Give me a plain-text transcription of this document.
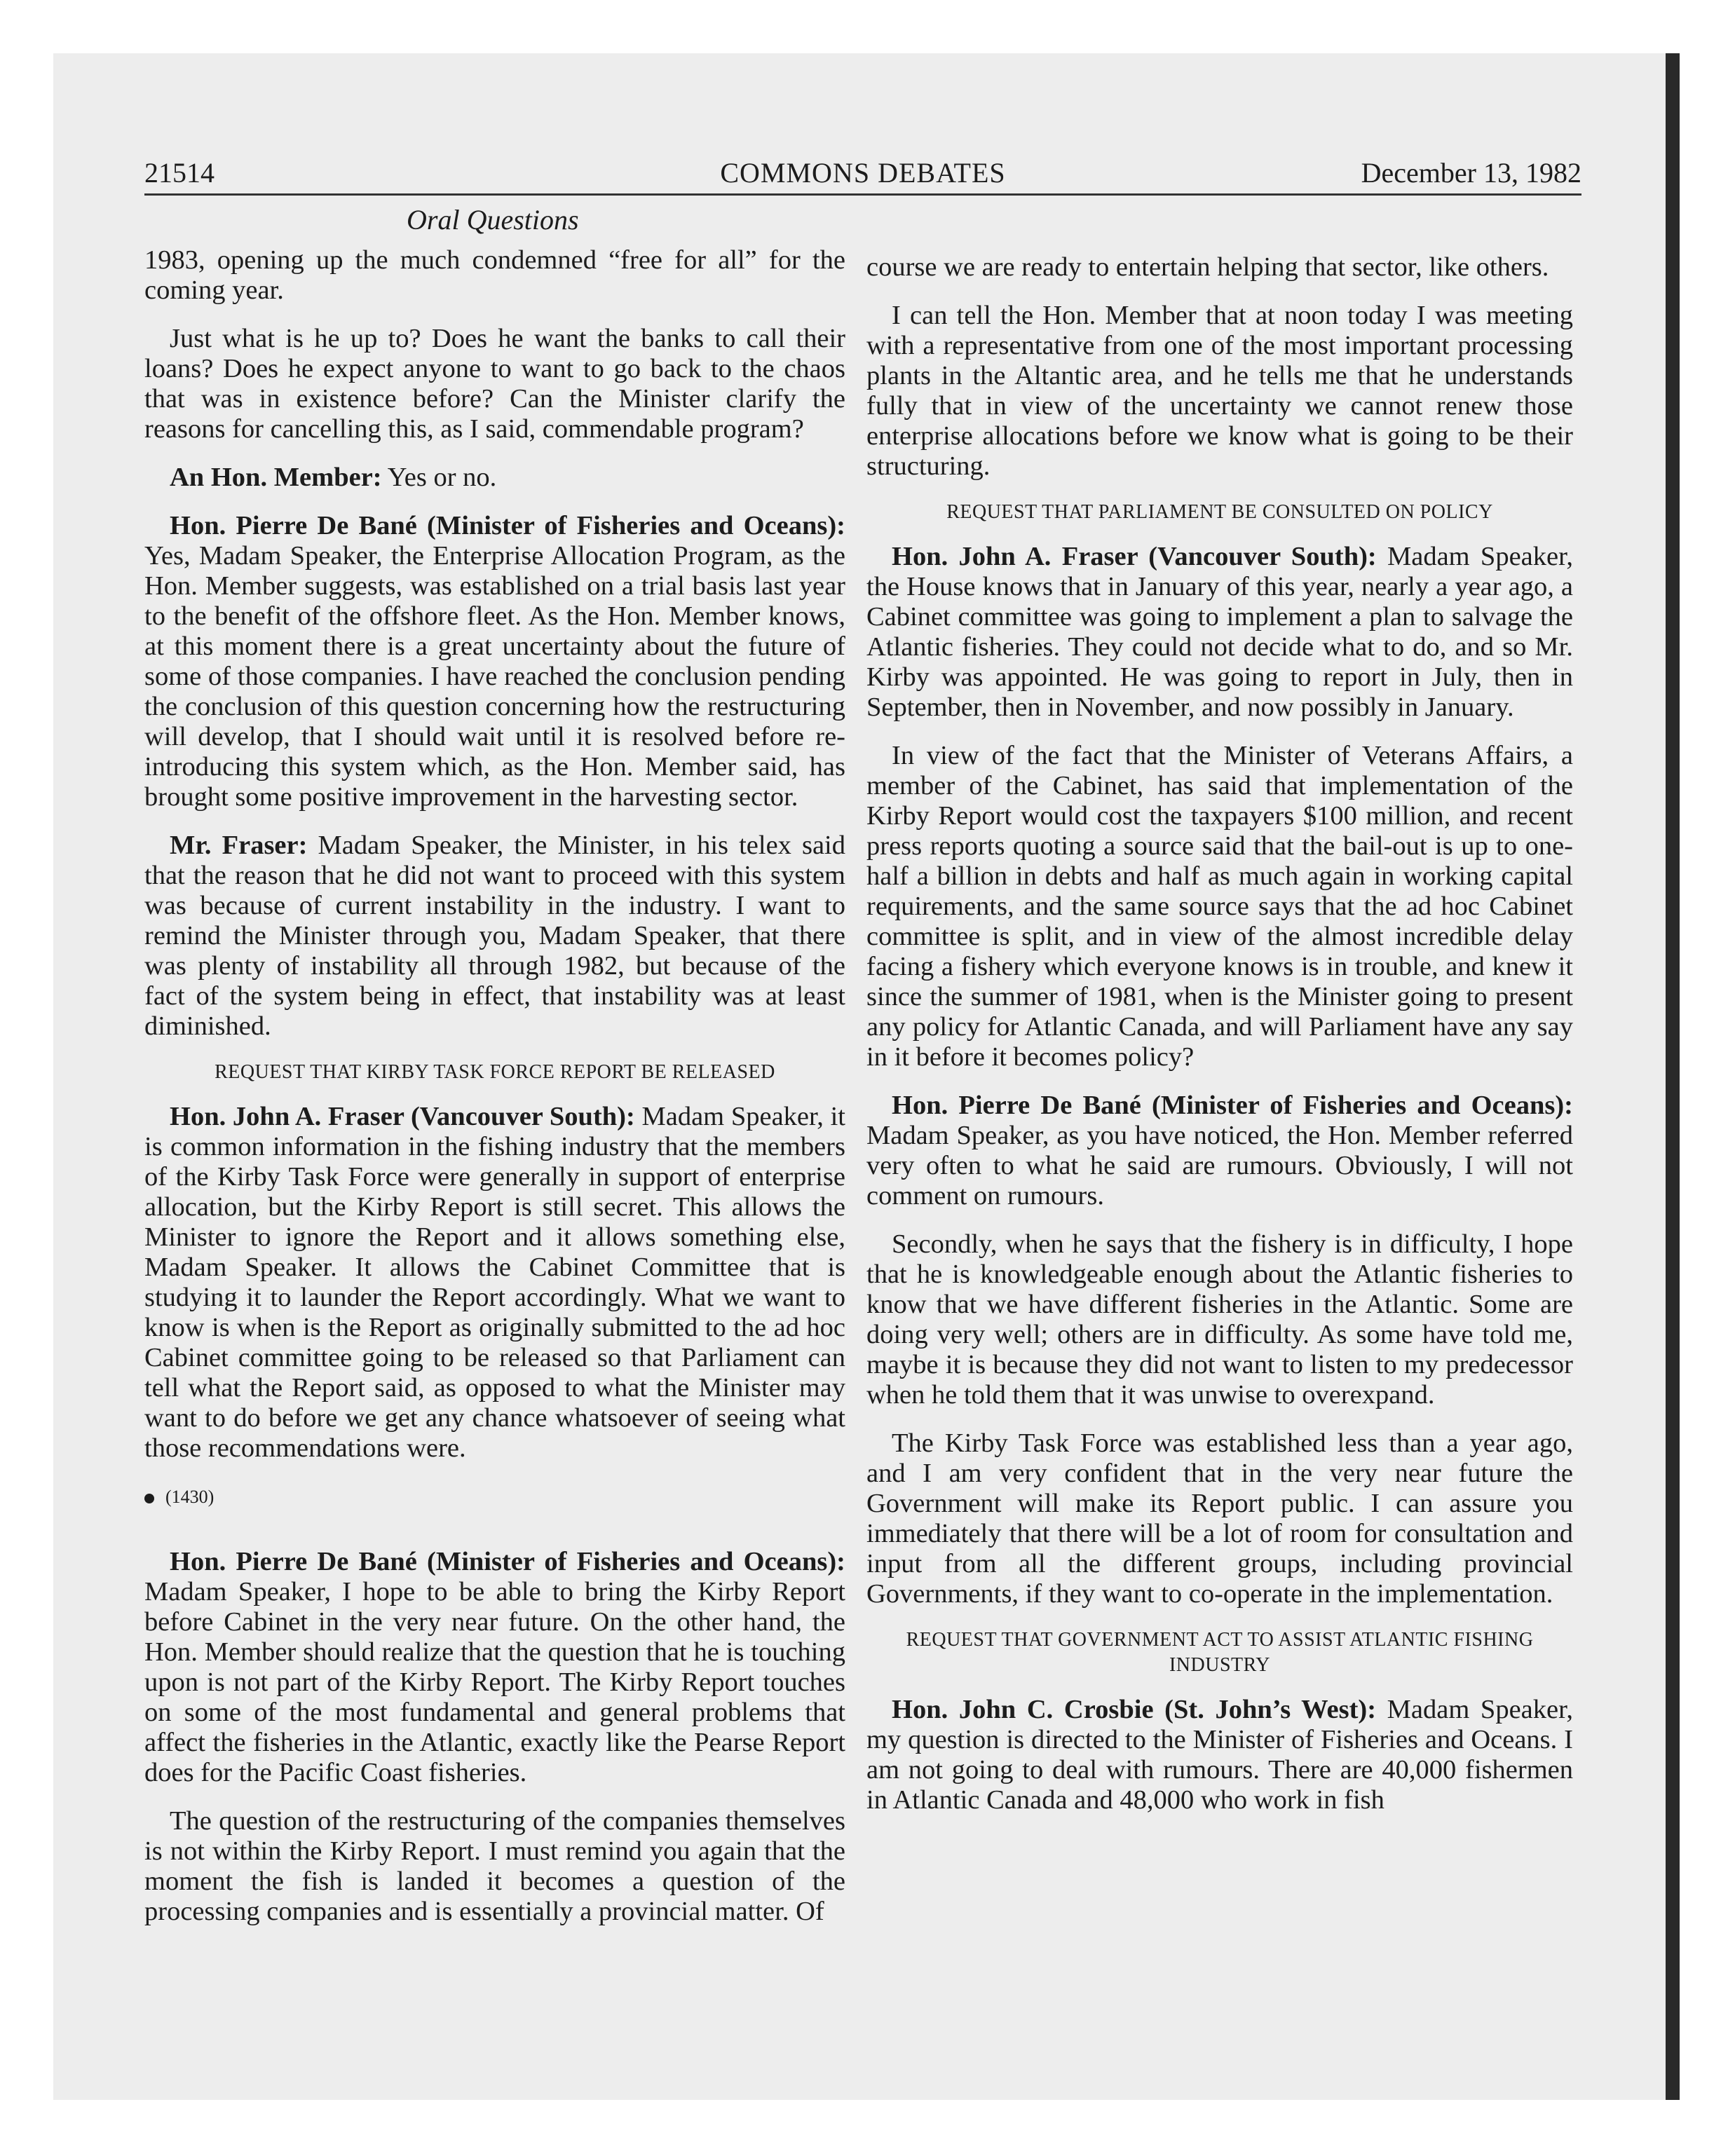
21514	COMMONS DEBATES	December 13, 1982
Oral Questions

1983, opening up the much condemned “free for all” for the coming year.

Just what is he up to? Does he want the banks to call their loans? Does he expect anyone to want to go back to the chaos that was in existence before? Can the Minister clarify the reasons for cancelling this, as I said, commendable program?

An Hon. Member: Yes or no.

Hon. Pierre De Bané (Minister of Fisheries and Oceans): Yes, Madam Speaker, the Enterprise Allocation Program, as the Hon. Member suggests, was established on a trial basis last year to the benefit of the offshore fleet. As the Hon. Member knows, at this moment there is a great uncertainty about the future of some of those companies. I have reached the conclusion pending the conclusion of this question concerning how the restructuring will develop, that I should wait until it is resolved before re-introducing this system which, as the Hon. Member said, has brought some positive improvement in the harvesting sector.

Mr. Fraser: Madam Speaker, the Minister, in his telex said that the reason that he did not want to proceed with this system was because of current instability in the industry. I want to remind the Minister through you, Madam Speaker, that there was plenty of instability all through 1982, but because of the fact of the system being in effect, that instability was at least diminished.

REQUEST THAT KIRBY TASK FORCE REPORT BE RELEASED

Hon. John A. Fraser (Vancouver South): Madam Speaker, it is common information in the fishing industry that the members of the Kirby Task Force were generally in support of enterprise allocation, but the Kirby Report is still secret. This allows the Minister to ignore the Report and it allows something else, Madam Speaker. It allows the Cabinet Committee that is studying it to launder the Report accordingly. What we want to know is when is the Report as originally submitted to the ad hoc Cabinet committee going to be released so that Parliament can tell what the Report said, as opposed to what the Minister may want to do before we get any chance whatsoever of seeing what those recommendations were.

(1430)

Hon. Pierre De Bané (Minister of Fisheries and Oceans): Madam Speaker, I hope to be able to bring the Kirby Report before Cabinet in the very near future. On the other hand, the Hon. Member should realize that the question that he is touching upon is not part of the Kirby Report. The Kirby Report touches on some of the most fundamental and general problems that affect the fisheries in the Atlantic, exactly like the Pearse Report does for the Pacific Coast fisheries.

The question of the restructuring of the companies themselves is not within the Kirby Report. I must remind you again that the moment the fish is landed it becomes a question of the processing companies and is essentially a provincial matter. Of

course we are ready to entertain helping that sector, like others.

I can tell the Hon. Member that at noon today I was meeting with a representative from one of the most important processing plants in the Altantic area, and he tells me that he understands fully that in view of the uncertainty we cannot renew those enterprise allocations before we know what is going to be their structuring.

REQUEST THAT PARLIAMENT BE CONSULTED ON POLICY

Hon. John A. Fraser (Vancouver South): Madam Speaker, the House knows that in January of this year, nearly a year ago, a Cabinet committee was going to implement a plan to salvage the Atlantic fisheries. They could not decide what to do, and so Mr. Kirby was appointed. He was going to report in July, then in September, then in November, and now possibly in January.

In view of the fact that the Minister of Veterans Affairs, a member of the Cabinet, has said that implementation of the Kirby Report would cost the taxpayers $100 million, and recent press reports quoting a source said that the bail-out is up to one-half a billion in debts and half as much again in working capital requirements, and the same source says that the ad hoc Cabinet committee is split, and in view of the almost incredible delay facing a fishery which everyone knows is in trouble, and knew it since the summer of 1981, when is the Minister going to present any policy for Atlantic Canada, and will Parliament have any say in it before it becomes policy?

Hon. Pierre De Bané (Minister of Fisheries and Oceans): Madam Speaker, as you have noticed, the Hon. Member referred very often to what he said are rumours. Obviously, I will not comment on rumours.

Secondly, when he says that the fishery is in difficulty, I hope that he is knowledgeable enough about the Atlantic fisheries to know that we have different fisheries in the Atlantic. Some are doing very well; others are in difficulty. As some have told me, maybe it is because they did not want to listen to my predecessor when he told them that it was unwise to overexpand.

The Kirby Task Force was established less than a year ago, and I am very confident that in the very near future the Government will make its Report public. I can assure you immediately that there will be a lot of room for consultation and input from all the different groups, including provincial Governments, if they want to co-operate in the implementation.

REQUEST THAT GOVERNMENT ACT TO ASSIST ATLANTIC FISHING INDUSTRY

Hon. John C. Crosbie (St. John’s West): Madam Speaker, my question is directed to the Minister of Fisheries and Oceans. I am not going to deal with rumours. There are 40,000 fishermen in Atlantic Canada and 48,000 who work in fish
